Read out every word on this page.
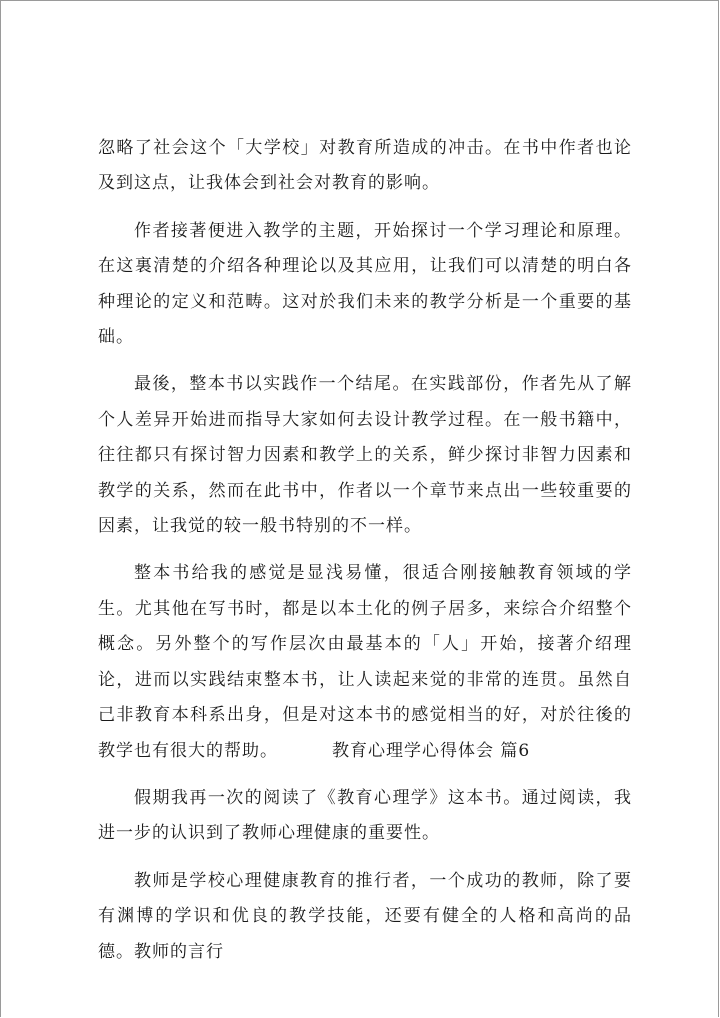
忽略了社会这个「大学校」对教育所造成的冲击。在书中作者也论及到这点，让我体会到社会对教育的影响。

作者接著便进入教学的主题，开始探讨一个学习理论和原理。在这裏清楚的介绍各种理论以及其应用，让我们可以清楚的明白各种理论的定义和范畴。这对於我们未来的教学分析是一个重要的基础。

最後，整本书以实践作一个结尾。在实践部份，作者先从了解个人差异开始进而指导大家如何去设计教学过程。在一般书籍中，往往都只有探讨智力因素和教学上的关系，鲜少探讨非智力因素和教学的关系，然而在此书中，作者以一个章节来点出一些较重要的因素，让我觉的较一般书特别的不一样。

整本书给我的感觉是显浅易懂，很适合刚接触教育领域的学生。尤其他在写书时，都是以本土化的例子居多，来综合介绍整个概念。另外整个的写作层次由最基本的「人」开始，接著介绍理论，进而以实践结束整本书，让人读起来觉的非常的连贯。虽然自己非教育本科系出身，但是对这本书的感觉相当的好，对於往後的教学也有很大的帮助。   	教育心理学心得体会 篇6

假期我再一次的阅读了《教育心理学》这本书。通过阅读，我进一步的认识到了教师心理健康的重要性。

教师是学校心理健康教育的推行者，一个成功的教师，除了要有渊博的学识和优良的教学技能，还要有健全的人格和高尚的品德。教师的言行
